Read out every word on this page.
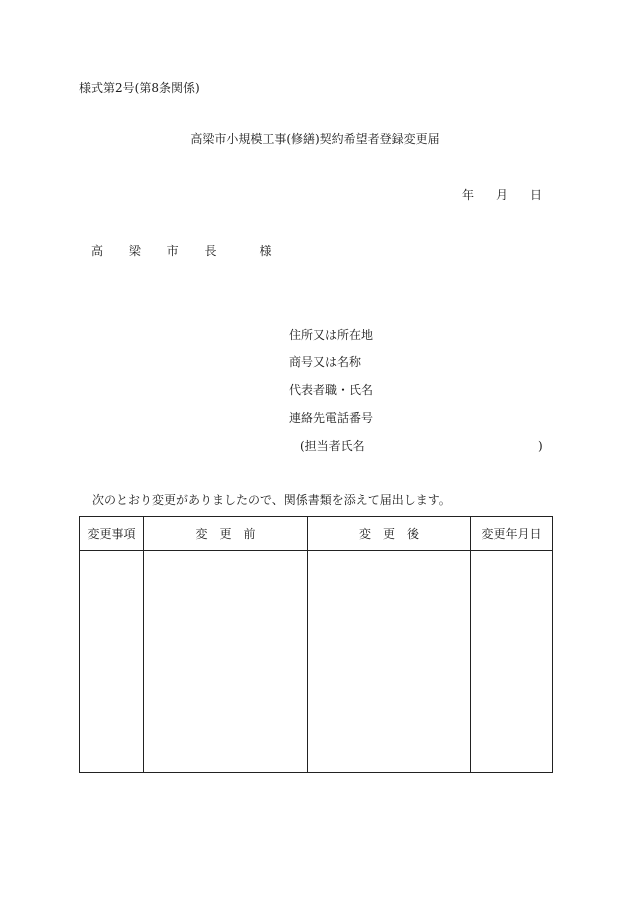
様式第2号(第8条関係)
高梁市小規模工事(修繕)契約希望者登録変更届
年 月 日
高 梁 市 長	様
住所又は所在地
商号又は名称
代表者職・氏名
連絡先電話番号
(担当者氏名	)
次のとおり変更がありましたので、関係書類を添えて届出します。
変更事項	変更前	変更後	変更年月日
